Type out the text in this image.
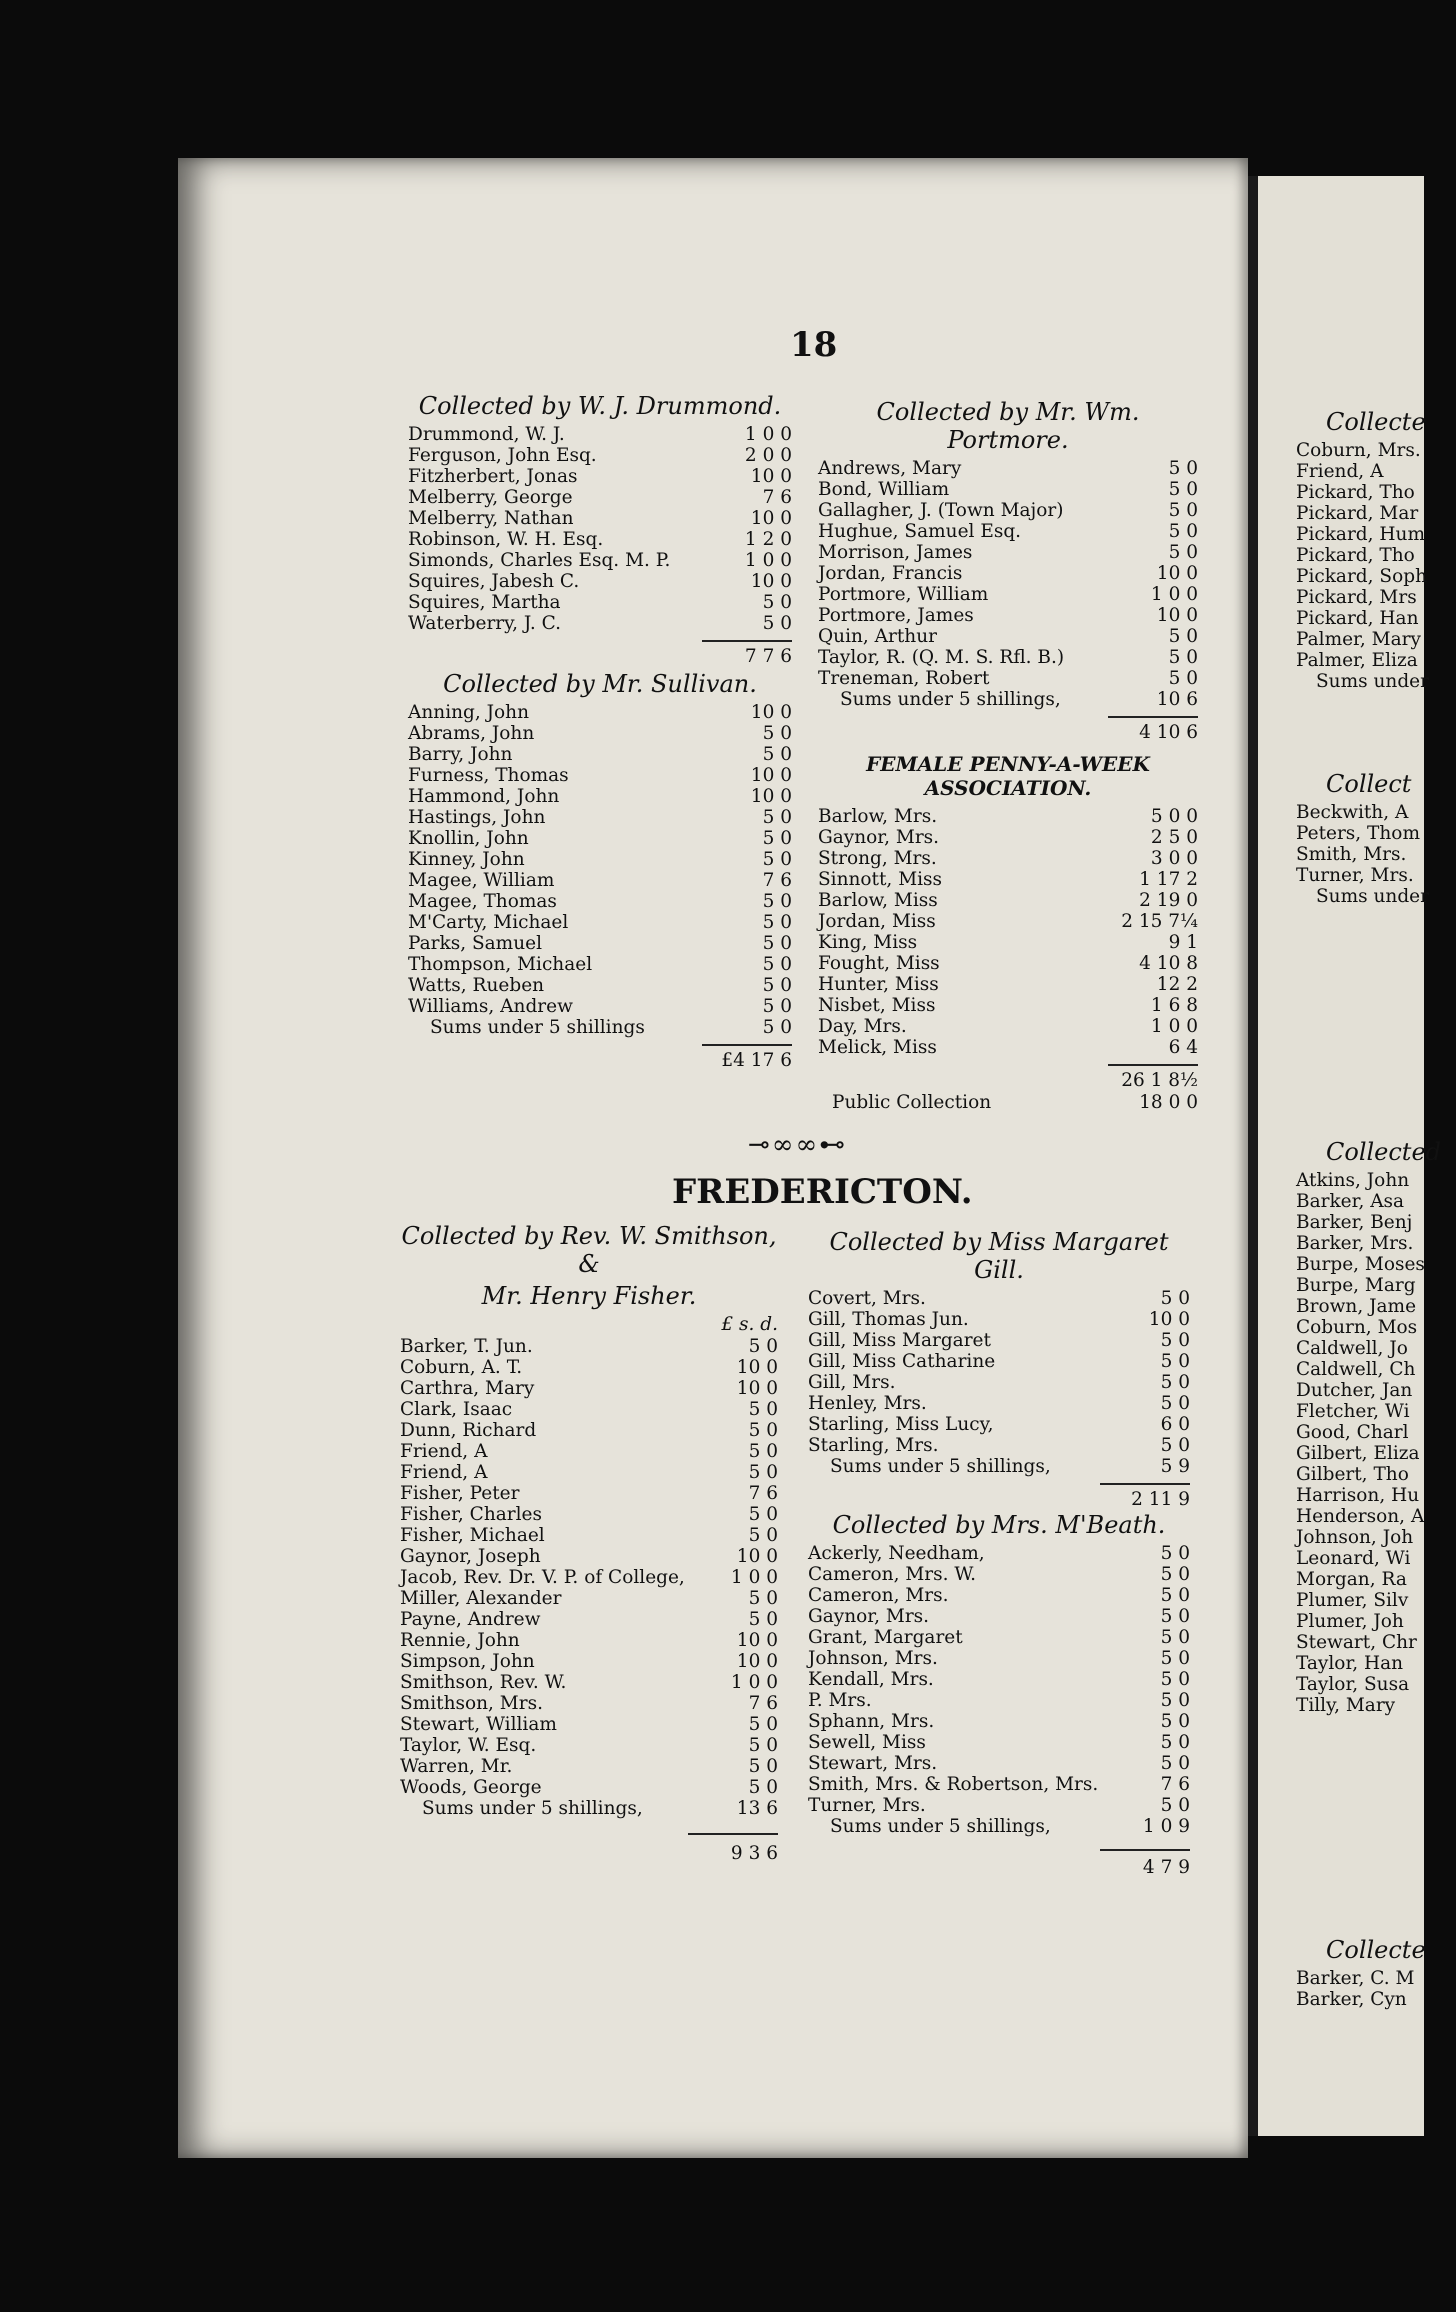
Collecte
Coburn, Mrs.
Friend, A
Pickard, Tho
Pickard, Mar
Pickard, Hum
Pickard, Tho
Pickard, Soph
Pickard, Mrs
Pickard, Han
Palmer, Mary
Palmer, Eliza
Sums under
Collect
Beckwith, A
Peters, Thom
Smith, Mrs.
Turner, Mrs.
Sums under
Collected
Atkins, John
Barker, Asa
Barker, Benj
Barker, Mrs.
Burpe, Moses
Burpe, Marg
Brown, Jame
Coburn, Mos
Caldwell, Jo
Caldwell, Ch
Dutcher, Jan
Fletcher, Wi
Good, Charl
Gilbert, Eliza
Gilbert, Tho
Harrison, Hu
Henderson, A
Johnson, Joh
Leonard, Wi
Morgan, Ra
Plumer, Silv
Plumer, Joh
Stewart, Chr
Taylor, Han
Taylor, Susa
Tilly, Mary
Collecte
Barker, C. M
Barker, Cyn
18
Collected by W. J. Drummond.
Drummond, W. J.	1 0 0
Ferguson, John Esq.	2 0 0
Fitzherbert, Jonas	10 0
Melberry, George	7 6
Melberry, Nathan	10 0
Robinson, W. H. Esq.	1 2 0
Simonds, Charles Esq. M. P.	1 0 0
Squires, Jabesh C.	10 0
Squires, Martha	5 0
Waterberry, J. C.	5 0
7 7 6
Collected by Mr. Sullivan.
Anning, John	10 0
Abrams, John	5 0
Barry, John	5 0
Furness, Thomas	10 0
Hammond, John	10 0
Hastings, John	5 0
Knollin, John	5 0
Kinney, John	5 0
Magee, William	7 6
Magee, Thomas	5 0
M'Carty, Michael	5 0
Parks, Samuel	5 0
Thompson, Michael	5 0
Watts, Rueben	5 0
Williams, Andrew	5 0
Sums under 5 shillings	5 0
£4 17 6
Collected by Mr. Wm. Portmore.
Andrews, Mary	5 0
Bond, William	5 0
Gallagher, J. (Town Major)	5 0
Hughue, Samuel Esq.	5 0
Morrison, James	5 0
Jordan, Francis	10 0
Portmore, William	1 0 0
Portmore, James	10 0
Quin, Arthur	5 0
Taylor, R. (Q. M. S. Rfl. B.)	5 0
Treneman, Robert	5 0
Sums under 5 shillings,	10 6
4 10 6
FEMALE PENNY-A-WEEK ASSOCIATION.
Barlow, Mrs.	5 0 0
Gaynor, Mrs.	2 5 0
Strong, Mrs.	3 0 0
Sinnott, Miss	1 17 2
Barlow, Miss	2 19 0
Jordan, Miss	2 15 7¼
King, Miss	9 1
Fought, Miss	4 10 8
Hunter, Miss	12 2
Nisbet, Miss	1 6 8
Day, Mrs.	1 0 0
Melick, Miss	6 4
26 1 8½
Public Collection	18 0 0
⊸∞∞⊷
FREDERICTON.
Collected by Rev. W. Smithson, &
Mr. Henry Fisher.
£ s. d.
Barker, T. Jun.	5 0
Coburn, A. T.	10 0
Carthra, Mary	10 0
Clark, Isaac	5 0
Dunn, Richard	5 0
Friend, A	5 0
Friend, A	5 0
Fisher, Peter	7 6
Fisher, Charles	5 0
Fisher, Michael	5 0
Gaynor, Joseph	10 0
Jacob, Rev. Dr. V. P. of College,	1 0 0
Miller, Alexander	5 0
Payne, Andrew	5 0
Rennie, John	10 0
Simpson, John	10 0
Smithson, Rev. W.	1 0 0
Smithson, Mrs.	7 6
Stewart, William	5 0
Taylor, W. Esq.	5 0
Warren, Mr.	5 0
Woods, George	5 0
Sums under 5 shillings,	13 6
9 3 6
Collected by Miss Margaret Gill.
Covert, Mrs.	5 0
Gill, Thomas Jun.	10 0
Gill, Miss Margaret	5 0
Gill, Miss Catharine	5 0
Gill, Mrs.	5 0
Henley, Mrs.	5 0
Starling, Miss Lucy,	6 0
Starling, Mrs.	5 0
Sums under 5 shillings,	5 9
2 11 9
Collected by Mrs. M'Beath.
Ackerly, Needham,	5 0
Cameron, Mrs. W.	5 0
Cameron, Mrs.	5 0
Gaynor, Mrs.	5 0
Grant, Margaret	5 0
Johnson, Mrs.	5 0
Kendall, Mrs.	5 0
P. Mrs.	5 0
Sphann, Mrs.	5 0
Sewell, Miss	5 0
Stewart, Mrs.	5 0
Smith, Mrs. & Robertson, Mrs.	7 6
Turner, Mrs.	5 0
Sums under 5 shillings,	1 0 9
4 7 9
